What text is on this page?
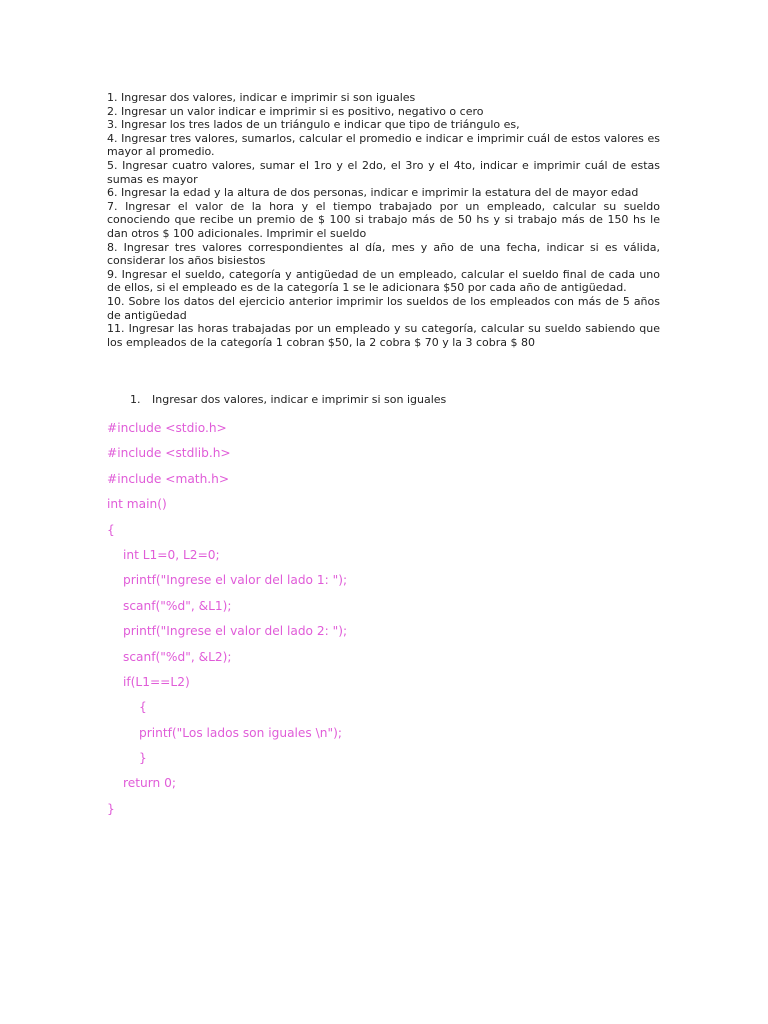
1. Ingresar dos valores, indicar e imprimir si son iguales
2. Ingresar un valor indicar e imprimir si es positivo, negativo o cero
3. Ingresar los tres lados de un triángulo e indicar que tipo de triángulo es,
4. Ingresar tres valores, sumarlos, calcular el promedio e indicar e imprimir cuál de estos valores es mayor al promedio.
5. Ingresar cuatro valores, sumar el 1ro y el 2do, el 3ro y el 4to, indicar e imprimir cuál de estas sumas es mayor
6. Ingresar la edad y la altura de dos personas, indicar e imprimir la estatura del de mayor edad
7. Ingresar el valor de la hora y el tiempo trabajado por un empleado, calcular su sueldo conociendo que recibe un premio de $ 100 si trabajo más de 50 hs y si trabajo más de 150 hs le dan otros $ 100 adicionales. Imprimir el sueldo
8. Ingresar tres valores correspondientes al día, mes y año de una fecha, indicar si es válida, considerar los años bisiestos
9. Ingresar el sueldo, categoría y antigüedad de un empleado, calcular el sueldo final de cada uno de ellos, si el empleado es de la categoría 1 se le adicionara $50 por cada año de antigüedad.
10. Sobre los datos del ejercicio anterior imprimir los sueldos de los empleados con más de 5 años de antigüedad
11. Ingresar las horas trabajadas por un empleado y su categoría, calcular su sueldo sabiendo que los empleados de la categoría 1 cobran $50, la 2 cobra $ 70 y la 3 cobra $ 80
1. Ingresar dos valores, indicar e imprimir si son iguales
#include <stdio.h>
#include <stdlib.h>
#include <math.h>
int main()
{
int L1=0, L2=0;
printf("Ingrese el valor del lado 1: ");
scanf("%d", &L1);
printf("Ingrese el valor del lado 2: ");
scanf("%d", &L2);
if(L1==L2)
{
printf("Los lados son iguales \n");
}
return 0;
}
